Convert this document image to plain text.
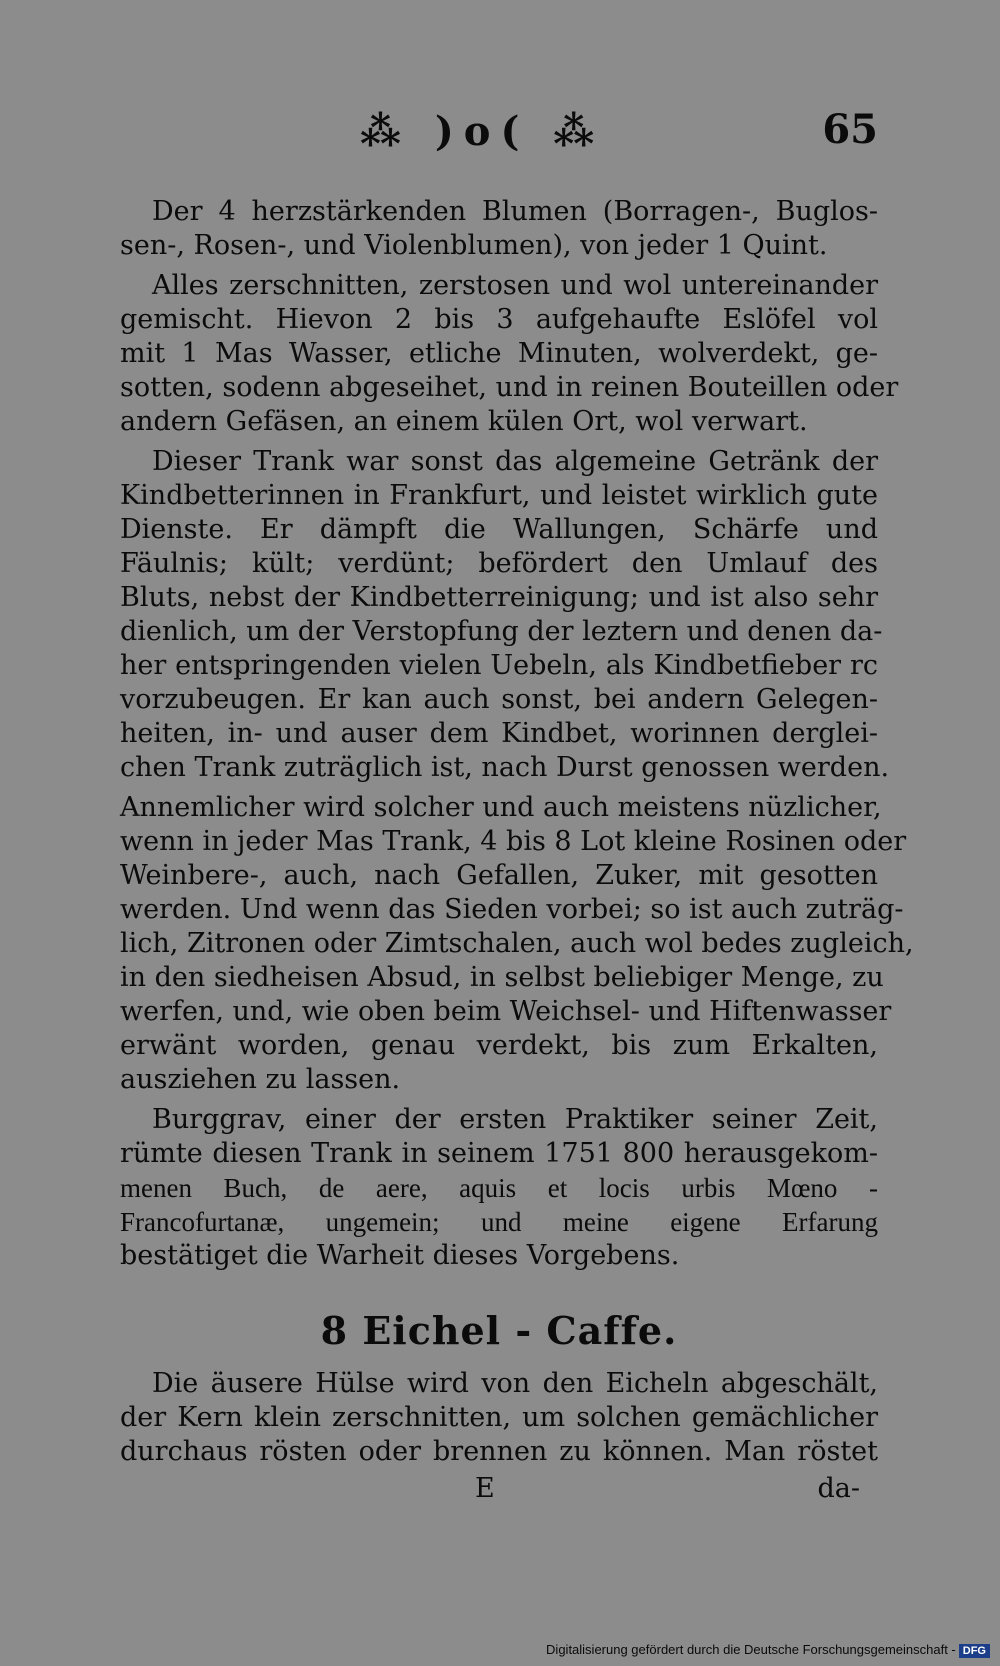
⁂ )o( ⁂	65
Der 4 herzstärkenden Blumen (Borragen-, Buglos-
sen-, Rosen-, und Violenblumen), von jeder 1 Quint.
Alles zerschnitten, zerstosen und wol untereinander
gemischt. Hievon 2 bis 3 aufgehaufte Eslöfel vol
mit 1 Mas Wasser, etliche Minuten, wolverdekt, ge-
sotten, sodenn abgeseihet, und in reinen Bouteillen oder
andern Gefäsen, an einem külen Ort, wol verwart.
Dieser Trank war sonst das algemeine Getränk der
Kindbetterinnen in Frankfurt, und leistet wirklich gute
Dienste. Er dämpft die Wallungen, Schärfe und
Fäulnis; kült; verdünt; befördert den Umlauf des
Bluts, nebst der Kindbetterreinigung; und ist also sehr
dienlich, um der Verstopfung der leztern und denen da-
her entspringenden vielen Uebeln, als Kindbetfieber rc
vorzubeugen. Er kan auch sonst, bei andern Gelegen-
heiten, in- und auser dem Kindbet, worinnen derglei-
chen Trank zuträglich ist, nach Durst genossen werden.
Annemlicher wird solcher und auch meistens nüzlicher,
wenn in jeder Mas Trank, 4 bis 8 Lot kleine Rosinen oder
Weinbere-, auch, nach Gefallen, Zuker, mit gesotten
werden. Und wenn das Sieden vorbei; so ist auch zuträg-
lich, Zitronen oder Zimtschalen, auch wol bedes zugleich,
in den siedheisen Absud, in selbst beliebiger Menge, zu
werfen, und, wie oben beim Weichsel- und Hiftenwasser
erwänt worden, genau verdekt, bis zum Erkalten,
ausziehen zu lassen.
Burggrav, einer der ersten Praktiker seiner Zeit,
rümte diesen Trank in seinem 1751 800 herausgekom-
menen Buch, de aere, aquis et locis urbis Mœno -
Francofurtanæ, ungemein; und meine eigene Erfarung
bestätiget die Warheit dieses Vorgebens.
8 Eichel - Caffe.
Die äusere Hülse wird von den Eicheln abgeschält,
der Kern klein zerschnitten, um solchen gemächlicher
durchaus rösten oder brennen zu können. Man röstet
E	da-
Digitalisierung gefördert durch die Deutsche Forschungsgemeinschaft - DFG
